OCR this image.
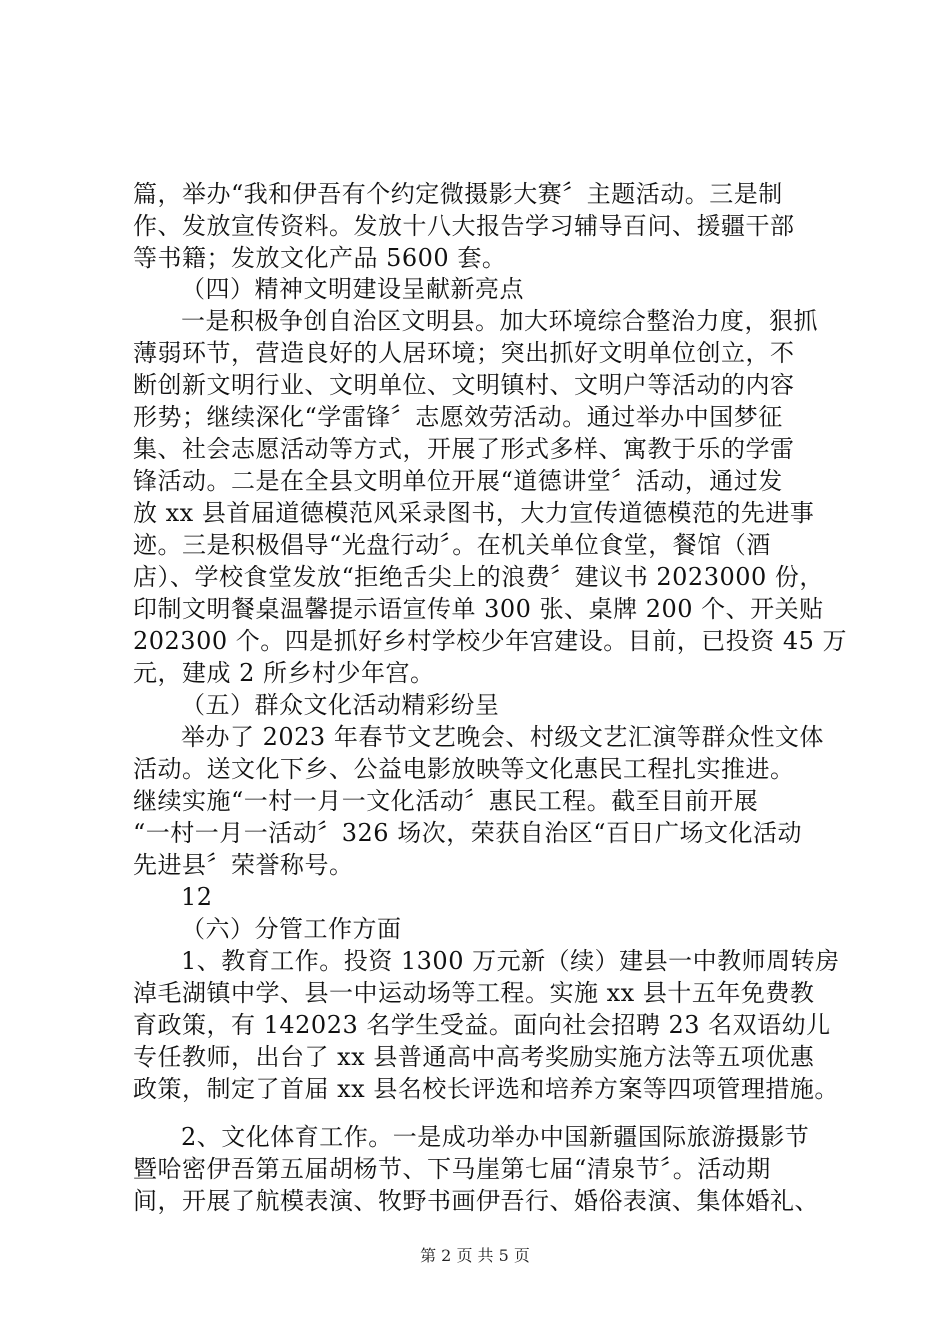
篇，举办“我和伊吾有个约定微摄影大赛〞主题活动。三是制
作、发放宣传资料。发放十八大报告学习辅导百问、援疆干部
等书籍；发放文化产品 5600 套。
（四）精神文明建设呈献新亮点
一是积极争创自治区文明县。加大环境综合整治力度，狠抓
薄弱环节，营造良好的人居环境；突出抓好文明单位创立，不
断创新文明行业、文明单位、文明镇村、文明户等活动的内容
形势；继续深化“学雷锋〞志愿效劳活动。通过举办中国梦征
集、社会志愿活动等方式，开展了形式多样、寓教于乐的学雷
锋活动。二是在全县文明单位开展“道德讲堂〞活动，通过发
放 xx 县首届道德模范风采录图书，大力宣传道德模范的先进事
迹。三是积极倡导“光盘行动〞。在机关单位食堂，餐馆（酒
店）、学校食堂发放“拒绝舌尖上的浪费〞建议书 2023000 份，
印制文明餐桌温馨提示语宣传单 300 张、桌牌 200 个、开关贴
202300 个。四是抓好乡村学校少年宫建设。目前，已投资 45 万
元，建成 2 所乡村少年宫。
（五）群众文化活动精彩纷呈
举办了 2023 年春节文艺晚会、村级文艺汇演等群众性文体
活动。送文化下乡、公益电影放映等文化惠民工程扎实推进。
继续实施“一村一月一文化活动〞惠民工程。截至目前开展
“一村一月一活动〞326 场次，荣获自治区“百日广场文化活动
先进县〞荣誉称号。
12
（六）分管工作方面
1、教育工作。投资 1300 万元新（续）建县一中教师周转房
淖毛湖镇中学、县一中运动场等工程。实施 xx 县十五年免费教
育政策，有 142023 名学生受益。面向社会招聘 23 名双语幼儿
专任教师，出台了 xx 县普通高中高考奖励实施方法等五项优惠
政策，制定了首届 xx 县名校长评选和培养方案等四项管理措施。
2、文化体育工作。一是成功举办中国新疆国际旅游摄影节
暨哈密伊吾第五届胡杨节、下马崖第七届“清泉节〞。活动期
间，开展了航模表演、牧野书画伊吾行、婚俗表演、集体婚礼、
第 2 页 共 5 页
